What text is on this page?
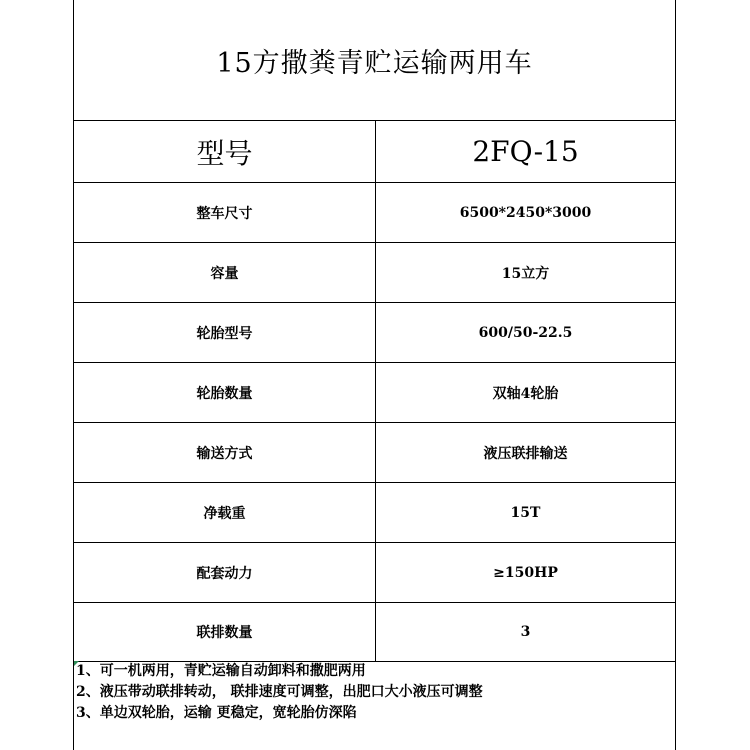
15方撒粪青贮运输两用车
型号	2FQ-15
整车尺寸	6500*2450*3000
容量	15立方
轮胎型号	600/50-22.5
轮胎数量	双轴4轮胎
输送方式	液压联排输送
净载重	15T
配套动力	≥150HP
联排数量	3
1、可一机两用，青贮运输自动卸料和撒肥两用
2、液压带动联排转动， 联排速度可调整，出肥口大小液压可调整
3、单边双轮胎，运输 更稳定，宽轮胎仿深陷
